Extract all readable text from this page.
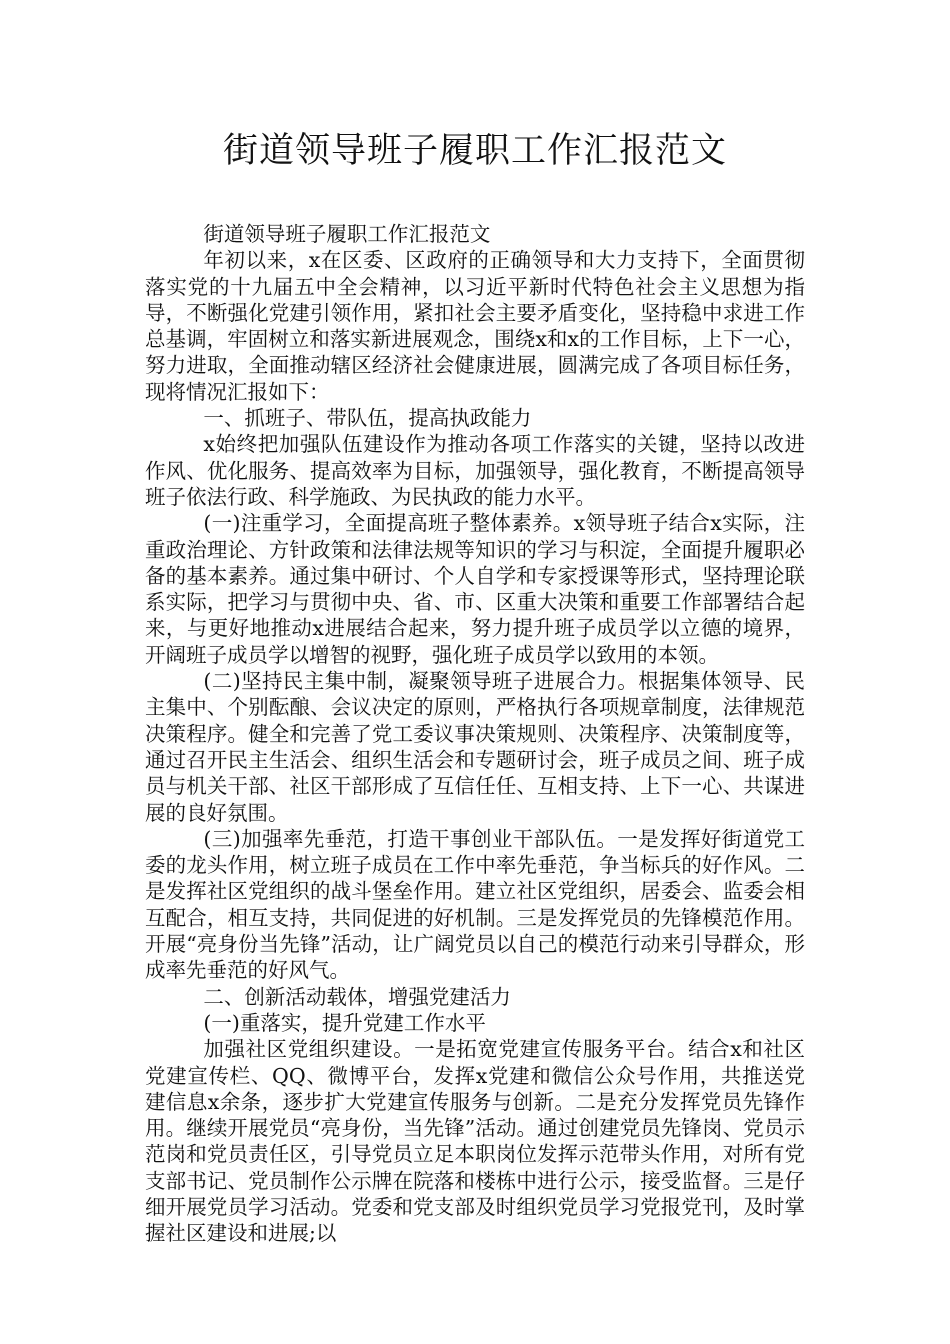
街道领导班子履职工作汇报范文

街道领导班子履职工作汇报范文

年初以来，x在区委、区政府的正确领导和大力支持下，全面贯彻落实党的十九届五中全会精神，以习近平新时代特色社会主义思想为指导，不断强化党建引领作用，紧扣社会主要矛盾变化，坚持稳中求进工作总基调，牢固树立和落实新进展观念，围绕x和x的工作目标，上下一心，努力进取，全面推动辖区经济社会健康进展，圆满完成了各项目标任务，现将情况汇报如下：

一、抓班子、带队伍，提高执政能力

x始终把加强队伍建设作为推动各项工作落实的关键，坚持以改进作风、优化服务、提高效率为目标，加强领导，强化教育，不断提高领导班子依法行政、科学施政、为民执政的能力水平。

(一)注重学习，全面提高班子整体素养。x领导班子结合x实际，注重政治理论、方针政策和法律法规等知识的学习与积淀，全面提升履职必备的基本素养。通过集中研讨、个人自学和专家授课等形式，坚持理论联系实际，把学习与贯彻中央、省、市、区重大决策和重要工作部署结合起来，与更好地推动x进展结合起来，努力提升班子成员学以立德的境界，开阔班子成员学以增智的视野，强化班子成员学以致用的本领。

(二)坚持民主集中制，凝聚领导班子进展合力。根据集体领导、民主集中、个别酝酿、会议决定的原则，严格执行各项规章制度，法律规范决策程序。健全和完善了党工委议事决策规则、决策程序、决策制度等，通过召开民主生活会、组织生活会和专题研讨会，班子成员之间、班子成员与机关干部、社区干部形成了互信任任、互相支持、上下一心、共谋进展的良好氛围。

(三)加强率先垂范，打造干事创业干部队伍。一是发挥好街道党工委的龙头作用，树立班子成员在工作中率先垂范，争当标兵的好作风。二是发挥社区党组织的战斗堡垒作用。建立社区党组织，居委会、监委会相互配合，相互支持，共同促进的好机制。三是发挥党员的先锋模范作用。开展“亮身份当先锋”活动，让广阔党员以自己的模范行动来引导群众，形成率先垂范的好风气。

二、创新活动载体，增强党建活力

(一)重落实，提升党建工作水平

加强社区党组织建设。一是拓宽党建宣传服务平台。结合x和社区党建宣传栏、QQ、微博平台，发挥x党建和微信公众号作用，共推送党建信息x余条，逐步扩大党建宣传服务与创新。二是充分发挥党员先锋作用。继续开展党员“亮身份，当先锋”活动。通过创建党员先锋岗、党员示范岗和党员责任区，引导党员立足本职岗位发挥示范带头作用，对所有党支部书记、党员制作公示牌在院落和楼栋中进行公示，接受监督。三是仔细开展党员学习活动。党委和党支部及时组织党员学习党报党刊，及时掌握社区建设和进展;以
